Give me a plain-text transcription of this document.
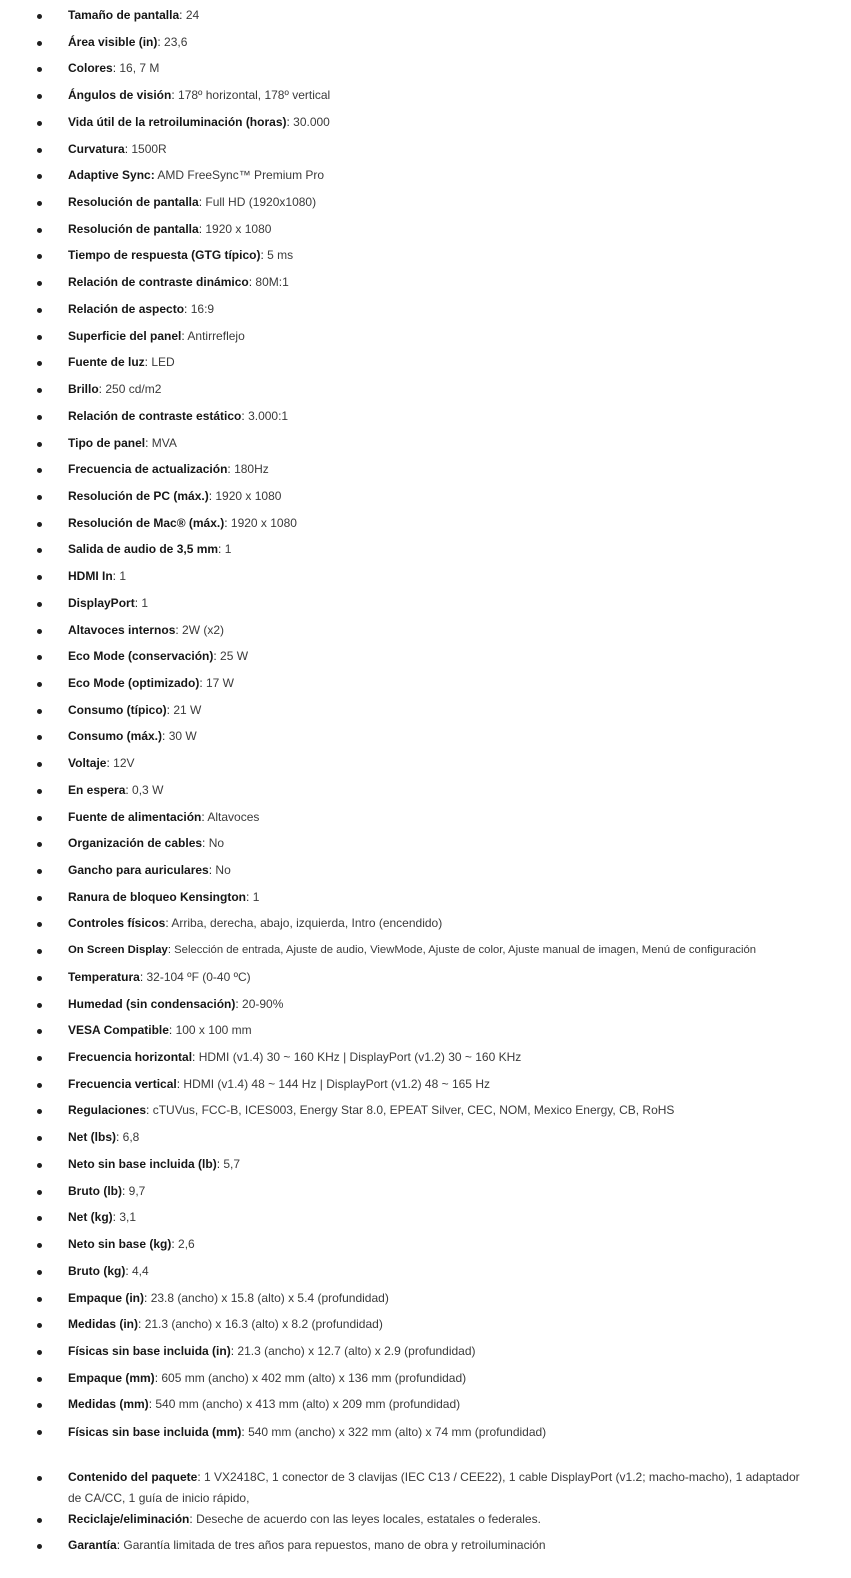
Tamaño de pantalla: 24
Área visible (in): 23,6
Colores: 16, 7 M
Ángulos de visión: 178º horizontal, 178º vertical
Vida útil de la retroiluminación (horas): 30.000
Curvatura: 1500R
Adaptive Sync: AMD FreeSync™ Premium Pro
Resolución de pantalla: Full HD (1920x1080)
Resolución de pantalla: 1920 x 1080
Tiempo de respuesta (GTG típico): 5 ms
Relación de contraste dinámico: 80M:1
Relación de aspecto: 16:9
Superficie del panel: Antirreflejo
Fuente de luz: LED
Brillo: 250 cd/m2
Relación de contraste estático: 3.000:1
Tipo de panel: MVA
Frecuencia de actualización: 180Hz
Resolución de PC (máx.): 1920 x 1080
Resolución de Mac® (máx.): 1920 x 1080
Salida de audio de 3,5 mm: 1
HDMI In: 1
DisplayPort: 1
Altavoces internos: 2W (x2)
Eco Mode (conservación): 25 W
Eco Mode (optimizado): 17 W
Consumo (típico): 21 W
Consumo (máx.): 30 W
Voltaje: 12V
En espera: 0,3 W
Fuente de alimentación: Altavoces
Organización de cables: No
Gancho para auriculares: No
Ranura de bloqueo Kensington: 1
Controles físicos: Arriba, derecha, abajo, izquierda, Intro (encendido)
On Screen Display: Selección de entrada, Ajuste de audio, ViewMode, Ajuste de color, Ajuste manual de imagen, Menú de configuración
Temperatura: 32-104 ºF (0-40 ºC)
Humedad (sin condensación): 20-90%
VESA Compatible: 100 x 100 mm
Frecuencia horizontal: HDMI (v1.4) 30 ~ 160 KHz | DisplayPort (v1.2) 30 ~ 160 KHz
Frecuencia vertical: HDMI (v1.4) 48 ~ 144 Hz | DisplayPort (v1.2) 48 ~ 165 Hz
Regulaciones: cTUVus, FCC-B, ICES003, Energy Star 8.0, EPEAT Silver, CEC, NOM, Mexico Energy, CB, RoHS
Net (lbs): 6,8
Neto sin base incluida (lb): 5,7
Bruto (lb): 9,7
Net (kg): 3,1
Neto sin base (kg): 2,6
Bruto (kg): 4,4
Empaque (in): 23.8 (ancho) x 15.8 (alto) x 5.4 (profundidad)
Medidas (in): 21.3 (ancho) x 16.3 (alto) x 8.2 (profundidad)
Físicas sin base incluida (in): 21.3 (ancho) x 12.7 (alto) x 2.9 (profundidad)
Empaque (mm): 605 mm (ancho) x 402 mm (alto) x 136 mm (profundidad)
Medidas (mm): 540 mm (ancho) x 413 mm (alto) x 209 mm (profundidad)
Físicas sin base incluida (mm): 540 mm (ancho) x 322 mm (alto) x 74 mm (profundidad)
Contenido del paquete: 1 VX2418C, 1 conector de 3 clavijas (IEC C13 / CEE22), 1 cable DisplayPort (v1.2; macho-macho), 1 adaptador de CA/CC, 1 guía de inicio rápido,
Reciclaje/eliminación: Deseche de acuerdo con las leyes locales, estatales o federales.
Garantía: Garantía limitada de tres años para repuestos, mano de obra y retroiluminación
